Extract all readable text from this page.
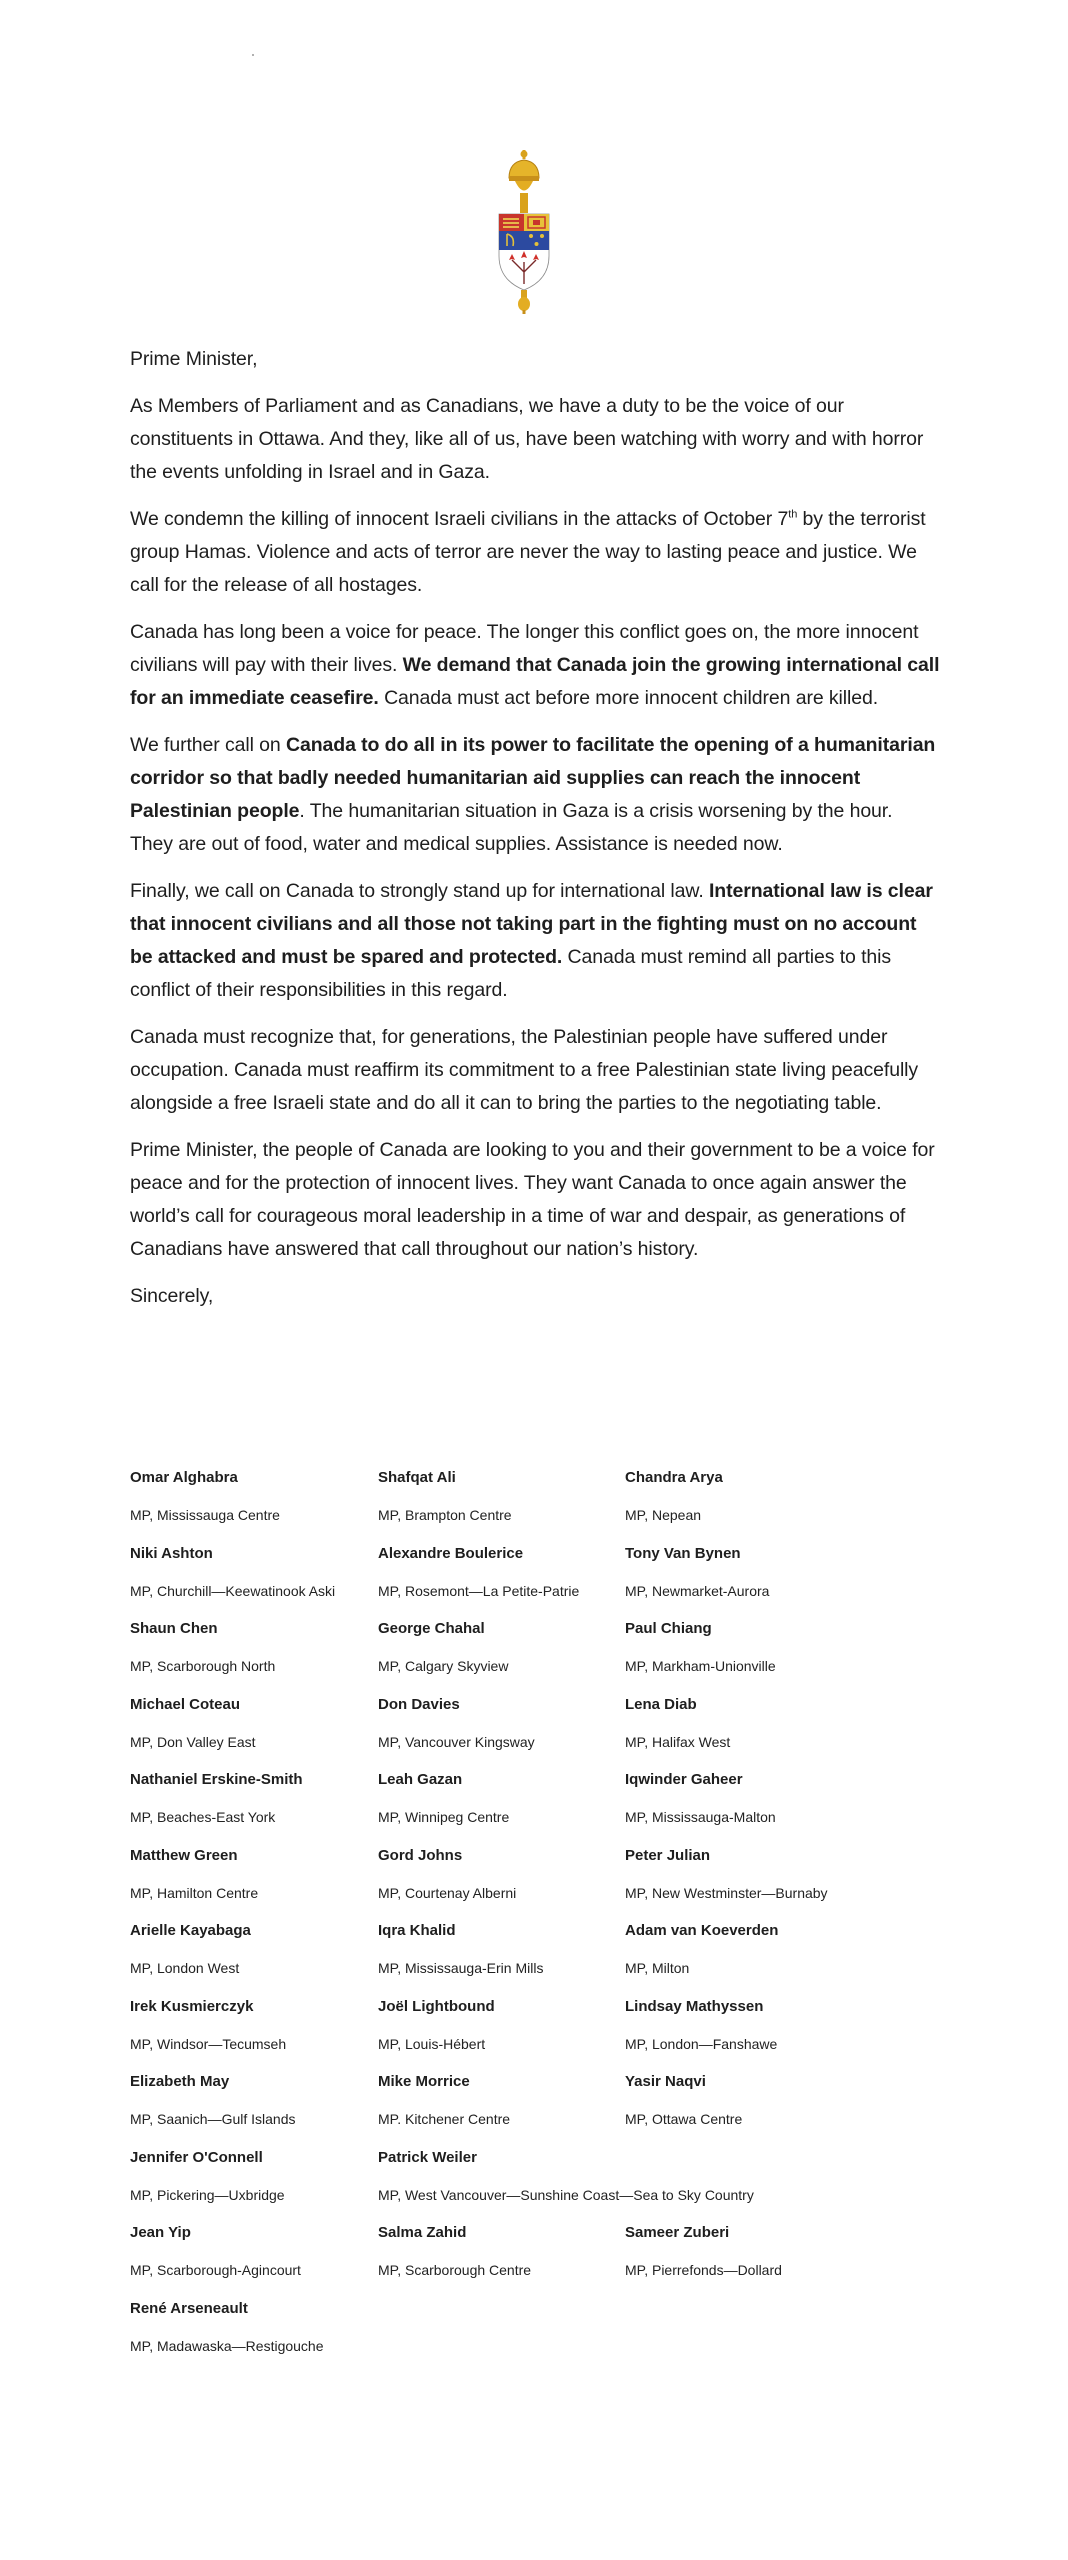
Prime Minister,

As Members of Parliament and as Canadians, we have a duty to be the voice of our constituents in Ottawa. And they, like all of us, have been watching with worry and with horror the events unfolding in Israel and in Gaza.

We condemn the killing of innocent Israeli civilians in the attacks of October 7th by the terrorist group Hamas. Violence and acts of terror are never the way to lasting peace and justice. We call for the release of all hostages.

Canada has long been a voice for peace. The longer this conflict goes on, the more innocent civilians will pay with their lives. We demand that Canada join the growing international call for an immediate ceasefire. Canada must act before more innocent children are killed.

We further call on Canada to do all in its power to facilitate the opening of a humanitarian corridor so that badly needed humanitarian aid supplies can reach the innocent Palestinian people. The humanitarian situation in Gaza is a crisis worsening by the hour. They are out of food, water and medical supplies. Assistance is needed now.

Finally, we call on Canada to strongly stand up for international law. International law is clear that innocent civilians and all those not taking part in the fighting must on no account be attacked and must be spared and protected. Canada must remind all parties to this conflict of their responsibilities in this regard.

Canada must recognize that, for generations, the Palestinian people have suffered under occupation. Canada must reaffirm its commitment to a free Palestinian state living peacefully alongside a free Israeli state and do all it can to bring the parties to the negotiating table.

Prime Minister, the people of Canada are looking to you and their government to be a voice for peace and for the protection of innocent lives. They want Canada to once again answer the world’s call for courageous moral leadership in a time of war and despair, as generations of Canadians have answered that call throughout our nation’s history.

Sincerely,

Omar Alghabra
MP, Mississauga Centre
Shafqat Ali
MP, Brampton Centre
Chandra Arya
MP, Nepean
Niki Ashton
MP, Churchill—Keewatinook Aski
Alexandre Boulerice
MP, Rosemont—La Petite-Patrie
Tony Van Bynen
MP, Newmarket-Aurora
Shaun Chen
MP, Scarborough North
George Chahal
MP, Calgary Skyview
Paul Chiang
MP, Markham-Unionville
Michael Coteau
MP, Don Valley East
Don Davies
MP, Vancouver Kingsway
Lena Diab
MP, Halifax West
Nathaniel Erskine-Smith
MP, Beaches-East York
Leah Gazan
MP, Winnipeg Centre
Iqwinder Gaheer
MP, Mississauga-Malton
Matthew Green
MP, Hamilton Centre
Gord Johns
MP, Courtenay Alberni
Peter Julian
MP, New Westminster—Burnaby
Arielle Kayabaga
MP, London West
Iqra Khalid
MP, Mississauga-Erin Mills
Adam van Koeverden
MP, Milton
Irek Kusmierczyk
MP, Windsor—Tecumseh
Joël Lightbound
MP, Louis-Hébert
Lindsay Mathyssen
MP, London—Fanshawe
Elizabeth May
MP, Saanich—Gulf Islands
Mike Morrice
MP. Kitchener Centre
Yasir Naqvi
MP, Ottawa Centre
Jennifer O'Connell
MP, Pickering—Uxbridge
Patrick Weiler
MP, West Vancouver—Sunshine Coast—Sea to Sky Country
Jean Yip
MP, Scarborough-Agincourt
Salma Zahid
MP, Scarborough Centre
Sameer Zuberi
MP, Pierrefonds—Dollard
René Arseneault
MP, Madawaska—Restigouche
